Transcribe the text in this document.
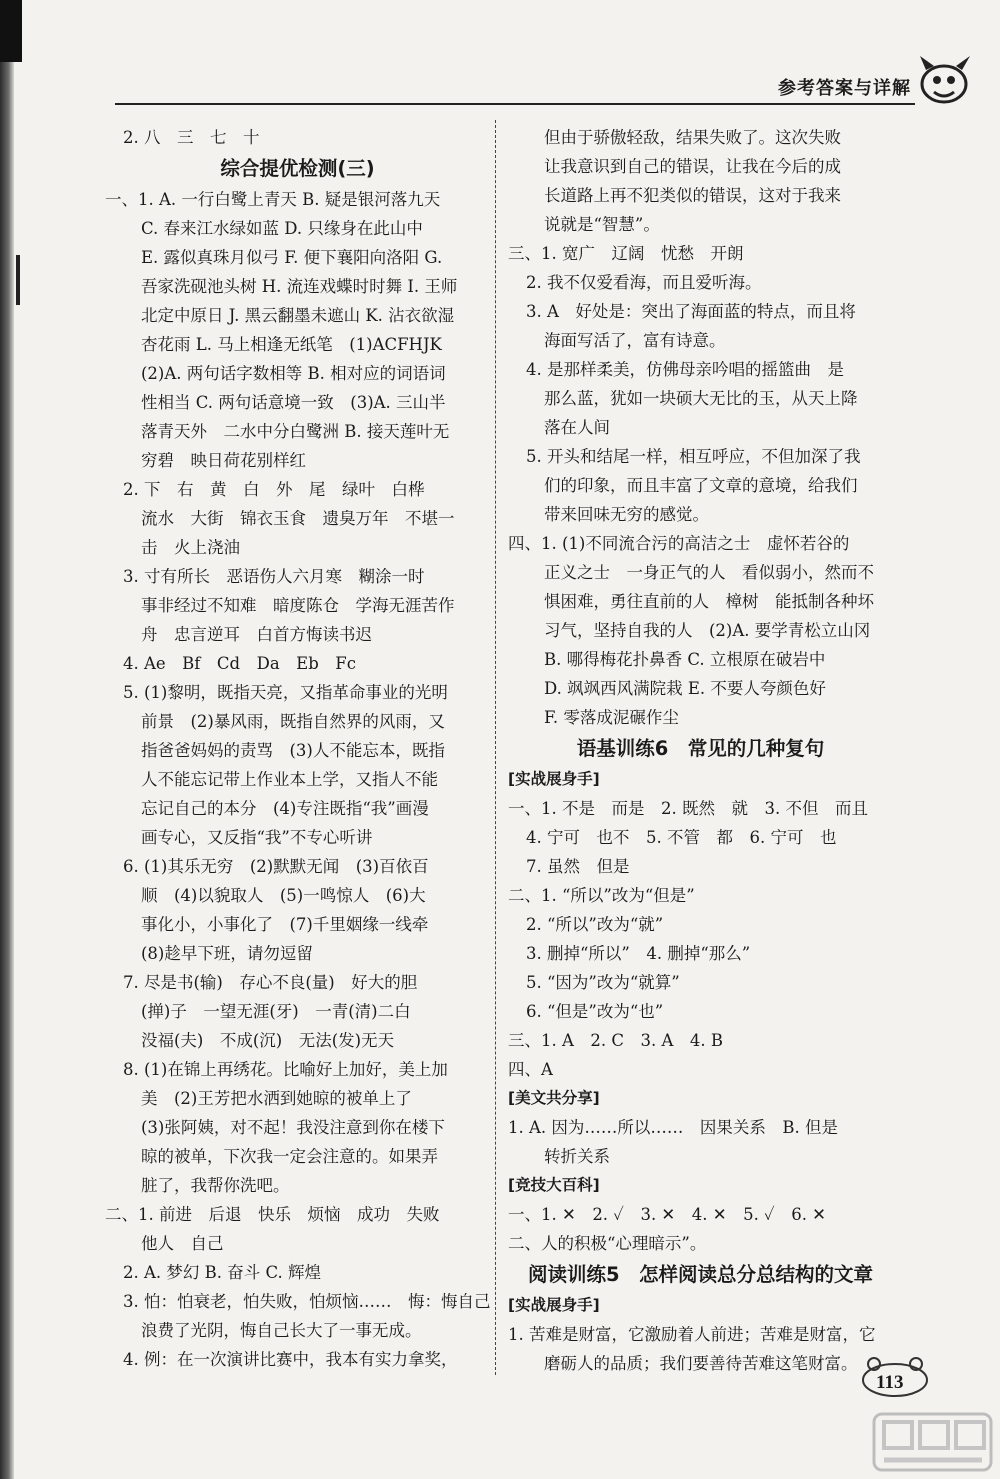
参考答案与详解

2. 八　三　七　十

综合提优检测(三)

一、1. A. 一行白鹭上青天 B. 疑是银河落九天

C. 春来江水绿如蓝 D. 只缘身在此山中

E. 露似真珠月似弓 F. 便下襄阳向洛阳 G.

吾家洗砚池头树 H. 流连戏蝶时时舞 I. 王师

北定中原日 J. 黑云翻墨未遮山 K. 沾衣欲湿

杏花雨 L. 马上相逢无纸笔　(1)ACFHJK

(2)A. 两句话字数相等 B. 相对应的词语词

性相当 C. 两句话意境一致　(3)A. 三山半

落青天外　二水中分白鹭洲 B. 接天莲叶无

穷碧　映日荷花别样红

2. 下　右　黄　白　外　尾　绿叶　白桦

流水　大街　锦衣玉食　遗臭万年　不堪一

击　火上浇油

3. 寸有所长　恶语伤人六月寒　糊涂一时

事非经过不知难　暗度陈仓　学海无涯苦作

舟　忠言逆耳　白首方悔读书迟

4. Ae　Bf　Cd　Da　Eb　Fc

5. (1)黎明，既指天亮，又指革命事业的光明

前景　(2)暴风雨，既指自然界的风雨，又

指爸爸妈妈的责骂　(3)人不能忘本，既指

人不能忘记带上作业本上学，又指人不能

忘记自己的本分　(4)专注既指“我”画漫

画专心，又反指“我”不专心听讲

6. (1)其乐无穷　(2)默默无闻　(3)百依百

顺　(4)以貌取人　(5)一鸣惊人　(6)大

事化小，小事化了　(7)千里姻缘一线牵

(8)趁早下班，请勿逗留

7. 尽是书(输)　存心不良(量)　好大的胆

(掸)子　一望无涯(牙)　一青(清)二白

没福(夫)　不成(沉)　无法(发)无天

8. (1)在锦上再绣花。比喻好上加好，美上加

美　(2)王芳把水洒到她晾的被单上了

(3)张阿姨，对不起！我没注意到你在楼下

晾的被单，下次我一定会注意的。如果弄

脏了，我帮你洗吧。

二、1. 前进　后退　快乐　烦恼　成功　失败

他人　自己

2. A. 梦幻 B. 奋斗 C. 辉煌

3. 怕：怕衰老，怕失败，怕烦恼……　悔：悔自己

浪费了光阴，悔自己长大了一事无成。

4. 例：在一次演讲比赛中，我本有实力拿奖，

但由于骄傲轻敌，结果失败了。这次失败

让我意识到自己的错误，让我在今后的成

长道路上再不犯类似的错误，这对于我来

说就是“智慧”。

三、1. 宽广　辽阔　忧愁　开朗

2. 我不仅爱看海，而且爱听海。

3. A　好处是：突出了海面蓝的特点，而且将

海面写活了，富有诗意。

4. 是那样柔美，仿佛母亲吟唱的摇篮曲　是

那么蓝，犹如一块硕大无比的玉，从天上降

落在人间

5. 开头和结尾一样，相互呼应，不但加深了我

们的印象，而且丰富了文章的意境，给我们

带来回味无穷的感觉。

四、1. (1)不同流合污的高洁之士　虚怀若谷的

正义之士　一身正气的人　看似弱小，然而不

惧困难，勇往直前的人　樟树　能抵制各种坏

习气，坚持自我的人　(2)A. 要学青松立山冈

B. 哪得梅花扑鼻香 C. 立根原在破岩中

D. 飒飒西风满院栽 E. 不要人夸颜色好

F. 零落成泥碾作尘

语基训练6　常见的几种复句

[实战展身手]

一、1. 不是　而是　2. 既然　就　3. 不但　而且

4. 宁可　也不　5. 不管　都　6. 宁可　也

7. 虽然　但是

二、1. “所以”改为“但是”

2. “所以”改为“就”

3. 删掉“所以”　4. 删掉“那么”

5. “因为”改为“就算”

6. “但是”改为“也”

三、1. A　2. C　3. A　4. B

四、A

[美文共分享]

1. A. 因为……所以……　因果关系　B. 但是

转折关系

[竞技大百科]

一、1. ✕　2. ✓　3. ✕　4. ✕　5. ✓　6. ✕

二、人的积极“心理暗示”。

阅读训练5　怎样阅读总分总结构的文章

[实战展身手]

1. 苦难是财富，它激励着人前进；苦难是财富，它

磨砺人的品质；我们要善待苦难这笔财富。

113
